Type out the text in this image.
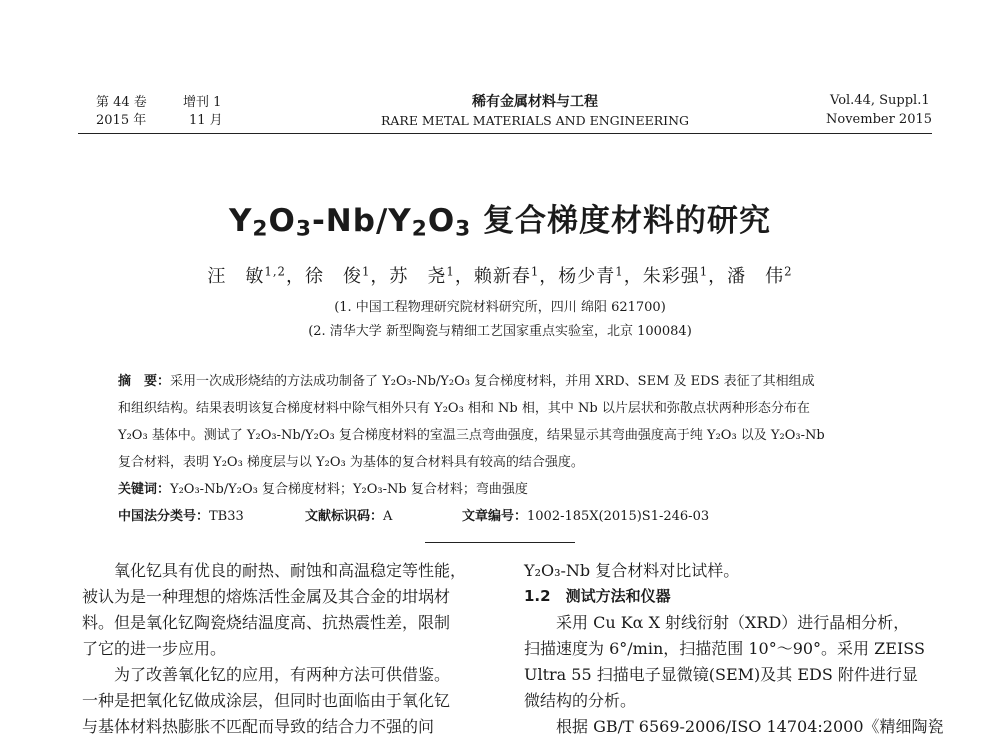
第 44 卷
2015 年
增刊 1
11 月
稀有金属材料与工程
RARE METAL MATERIALS AND ENGINEERING
Vol.44, Suppl.1
November 2015
$Y_2O_3-Nb/Y_2O_3$ 复合梯度材料的研究
汪　敏$^{1,2}$，徐　俊$^1$，苏　尧$^1$，赖新春$^1$，杨少青$^1$，朱彩强$^1$，潘　伟$^2$
(1. 中国工程物理研究院材料研究所，四川 绵阳 621700)
(2. 清华大学 新型陶瓷与精细工艺国家重点实验室，北京 100084)
摘　要：采用一次成形烧结的方法成功制备了 Y₂O₃-Nb/Y₂O₃ 复合梯度材料，并用 XRD、SEM 及 EDS 表征了其相组成
和组织结构。结果表明该复合梯度材料中除气相外只有 Y₂O₃ 相和 Nb 相，其中 Nb 以片层状和弥散点状两种形态分布在
Y₂O₃ 基体中。测试了 Y₂O₃-Nb/Y₂O₃ 复合梯度材料的室温三点弯曲强度，结果显示其弯曲强度高于纯 Y₂O₃ 以及 Y₂O₃-Nb
复合材料，表明 Y₂O₃ 梯度层与以 Y₂O₃ 为基体的复合材料具有较高的结合强度。
关键词：Y₂O₃-Nb/Y₂O₃ 复合梯度材料；Y₂O₃-Nb 复合材料；弯曲强度
中国法分类号：TB33	文献标识码：A	文章编号：1002-185X(2015)S1-246-03
　　氧化钇具有优良的耐热、耐蚀和高温稳定等性能，
被认为是一种理想的熔炼活性金属及其合金的坩埚材
料。但是氧化钇陶瓷烧结温度高、抗热震性差，限制
了它的进一步应用。
　　为了改善氧化钇的应用，有两种方法可供借鉴。
一种是把氧化钇做成涂层，但同时也面临由于氧化钇
与基体材料热膨胀不匹配而导致的结合力不强的问
Y₂O₃-Nb 复合材料对比试样。
1.2　测试方法和仪器
　　采用 Cu Kα X 射线衍射（XRD）进行晶相分析，
扫描速度为 6°/min，扫描范围 10°～90°。采用 ZEISS
Ultra 55 扫描电子显微镜(SEM)及其 EDS 附件进行显
微结构的分析。
　　根据 GB/T 6569-2006/ISO 14704:2000《精细陶瓷
